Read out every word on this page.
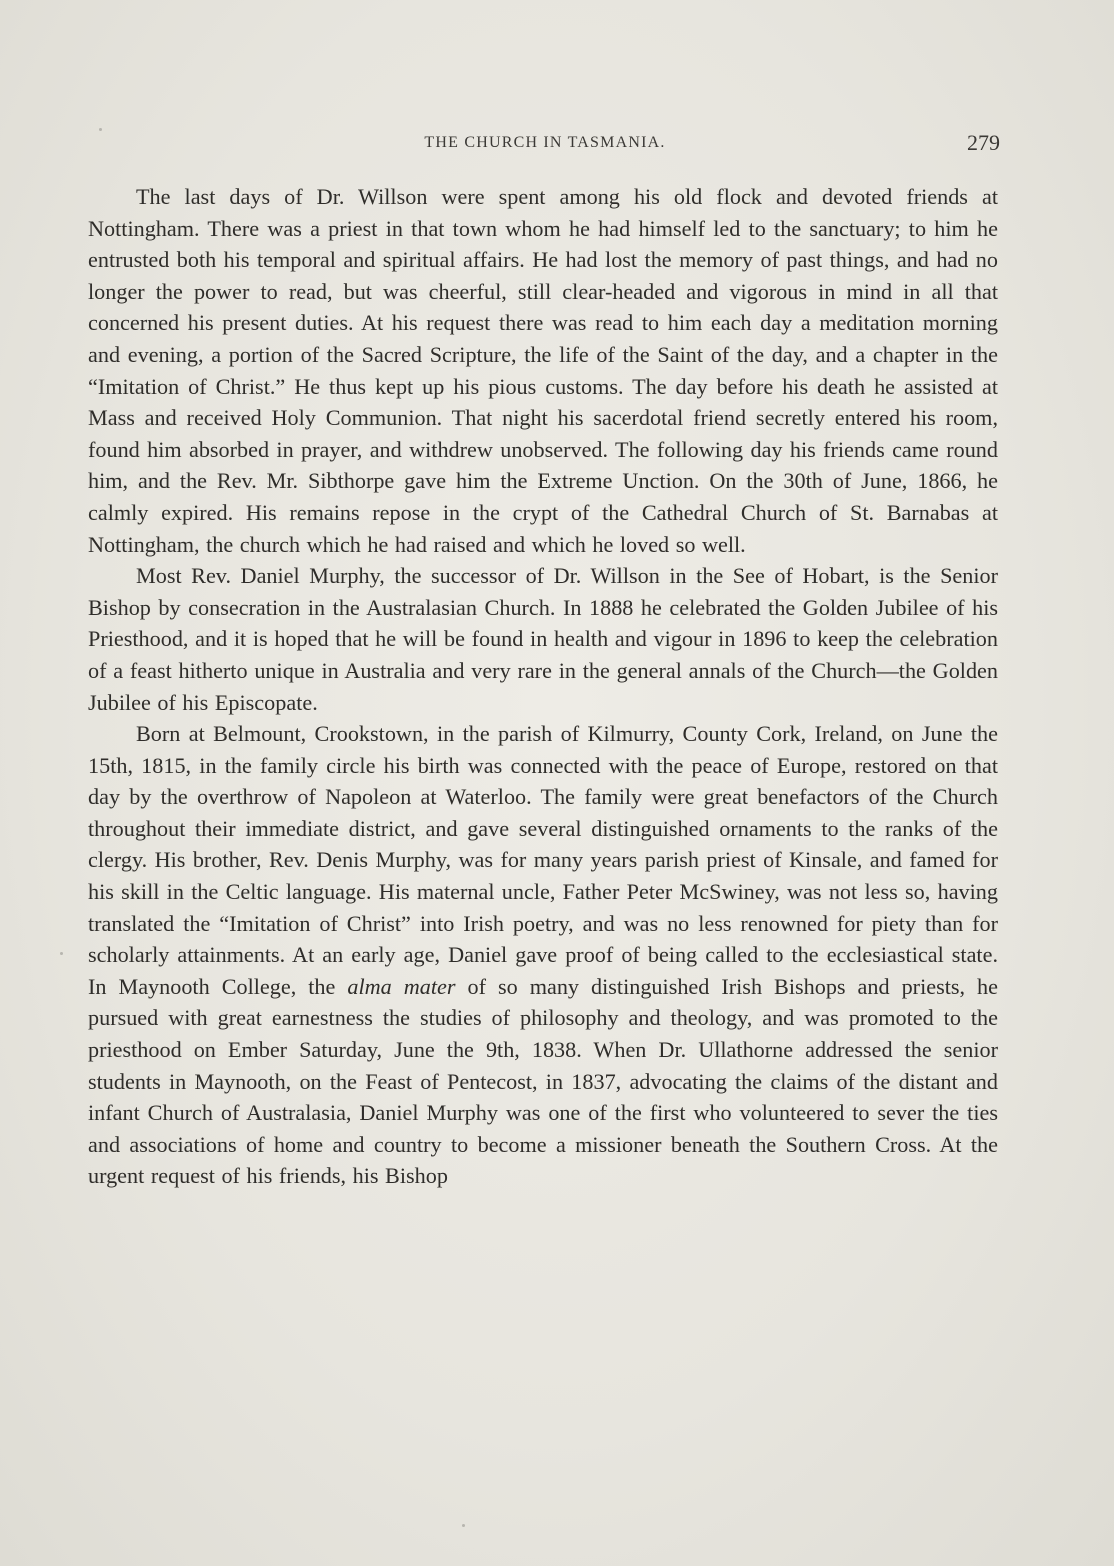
THE CHURCH IN TASMANIA.	279

The last days of Dr. Willson were spent among his old flock and devoted friends at Nottingham. There was a priest in that town whom he had himself led to the sanctuary; to him he entrusted both his temporal and spiritual affairs. He had lost the memory of past things, and had no longer the power to read, but was cheerful, still clear-headed and vigorous in mind in all that concerned his present duties. At his request there was read to him each day a meditation morning and evening, a portion of the Sacred Scripture, the life of the Saint of the day, and a chapter in the “Imitation of Christ.” He thus kept up his pious customs. The day before his death he assisted at Mass and received Holy Communion. That night his sacerdotal friend secretly entered his room, found him absorbed in prayer, and withdrew unobserved. The following day his friends came round him, and the Rev. Mr. Sibthorpe gave him the Extreme Unction. On the 30th of June, 1866, he calmly expired. His remains repose in the crypt of the Cathedral Church of St. Barnabas at Nottingham, the church which he had raised and which he loved so well.

Most Rev. Daniel Murphy, the successor of Dr. Willson in the See of Hobart, is the Senior Bishop by consecration in the Australasian Church. In 1888 he celebrated the Golden Jubilee of his Priesthood, and it is hoped that he will be found in health and vigour in 1896 to keep the celebration of a feast hitherto unique in Australia and very rare in the general annals of the Church—the Golden Jubilee of his Episcopate.

Born at Belmount, Crookstown, in the parish of Kilmurry, County Cork, Ireland, on June the 15th, 1815, in the family circle his birth was connected with the peace of Europe, restored on that day by the overthrow of Napoleon at Waterloo. The family were great benefactors of the Church throughout their immediate district, and gave several distinguished ornaments to the ranks of the clergy. His brother, Rev. Denis Murphy, was for many years parish priest of Kinsale, and famed for his skill in the Celtic language. His maternal uncle, Father Peter McSwiney, was not less so, having translated the “Imitation of Christ” into Irish poetry, and was no less renowned for piety than for scholarly attainments. At an early age, Daniel gave proof of being called to the ecclesiastical state. In Maynooth College, the alma mater of so many distinguished Irish Bishops and priests, he pursued with great earnestness the studies of philosophy and theology, and was promoted to the priesthood on Ember Saturday, June the 9th, 1838. When Dr. Ullathorne addressed the senior students in Maynooth, on the Feast of Pentecost, in 1837, advocating the claims of the distant and infant Church of Australasia, Daniel Murphy was one of the first who volunteered to sever the ties and associations of home and country to become a missioner beneath the Southern Cross. At the urgent request of his friends, his Bishop
